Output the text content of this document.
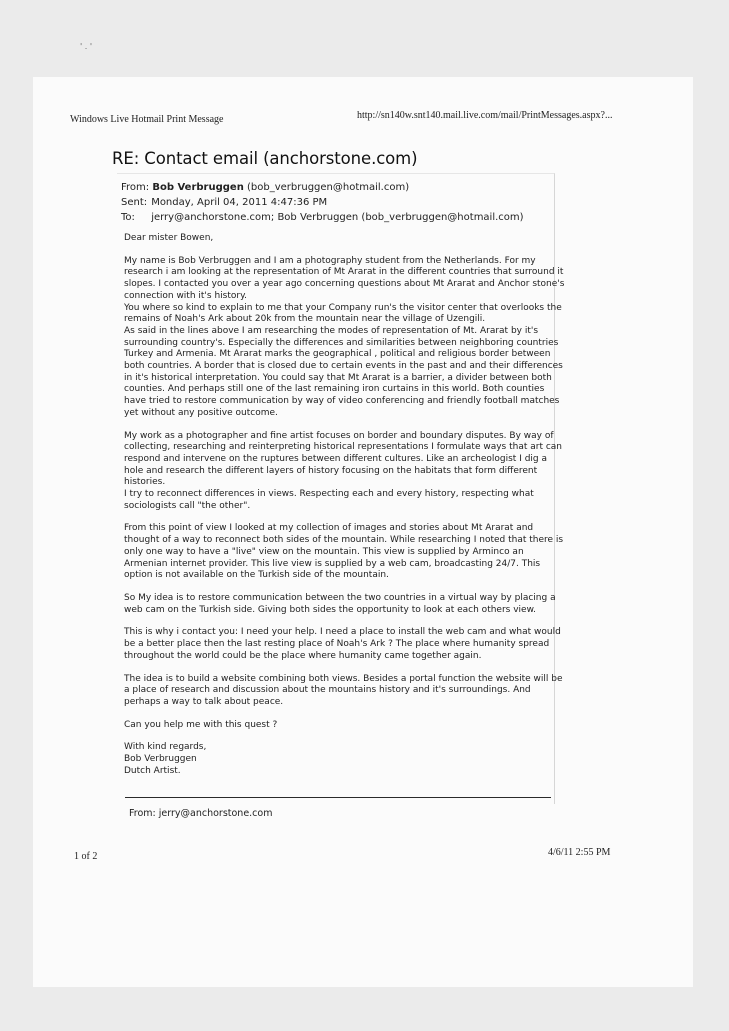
' . '
Windows Live Hotmail Print Message	http://sn140w.snt140.mail.live.com/mail/PrintMessages.aspx?...
RE: Contact email (anchorstone.com)
From: Bob Verbruggen (bob_verbruggen@hotmail.com)
Sent: Monday, April 04, 2011 4:47:36 PM
To: jerry@anchorstone.com; Bob Verbruggen (bob_verbruggen@hotmail.com)

Dear mister Bowen,

My name is Bob Verbruggen and I am a photography student from the Netherlands. For my
research i am looking at the representation of Mt Ararat in the different countries that surround it
slopes. I contacted you over a year ago concerning questions about Mt Ararat and Anchor stone's
connection with it's history.
You where so kind to explain to me that your Company run's the visitor center that overlooks the
remains of Noah's Ark about 20k from the mountain near the village of Uzengili.
As said in the lines above I am researching the modes of representation of Mt. Ararat by it's
surrounding country's. Especially the differences and similarities between neighboring countries
Turkey and Armenia. Mt Ararat marks the geographical , political and religious border between
both countries. A border that is closed due to certain events in the past and and their differences
in it's historical interpretation. You could say that Mt Ararat is a barrier, a divider between both
counties. And perhaps still one of the last remaining iron curtains in this world. Both counties
have tried to restore communication by way of video conferencing and friendly football matches
yet without any positive outcome.

My work as a photographer and fine artist focuses on border and boundary disputes. By way of
collecting, researching and reinterpreting historical representations I formulate ways that art can
respond and intervene on the ruptures between different cultures. Like an archeologist I dig a
hole and research the different layers of history focusing on the habitats that form different
histories.
I try to reconnect differences in views. Respecting each and every history, respecting what
sociologists call "the other".

From this point of view I looked at my collection of images and stories about Mt Ararat and
thought of a way to reconnect both sides of the mountain. While researching I noted that there is
only one way to have a "live" view on the mountain. This view is supplied by Arminco an
Armenian internet provider. This live view is supplied by a web cam, broadcasting 24/7. This
option is not available on the Turkish side of the mountain.

So My idea is to restore communication between the two countries in a virtual way by placing a
web cam on the Turkish side. Giving both sides the opportunity to look at each others view.

This is why i contact you: I need your help. I need a place to install the web cam and what would
be a better place then the last resting place of Noah's Ark ? The place where humanity spread
throughout the world could be the place where humanity came together again.

The idea is to build a website combining both views. Besides a portal function the website will be
a place of research and discussion about the mountains history and it's surroundings. And
perhaps a way to talk about peace.

Can you help me with this quest ?

With kind regards,
Bob Verbruggen
Dutch Artist.

From: jerry@anchorstone.com
1 of 2	4/6/11 2:55 PM
